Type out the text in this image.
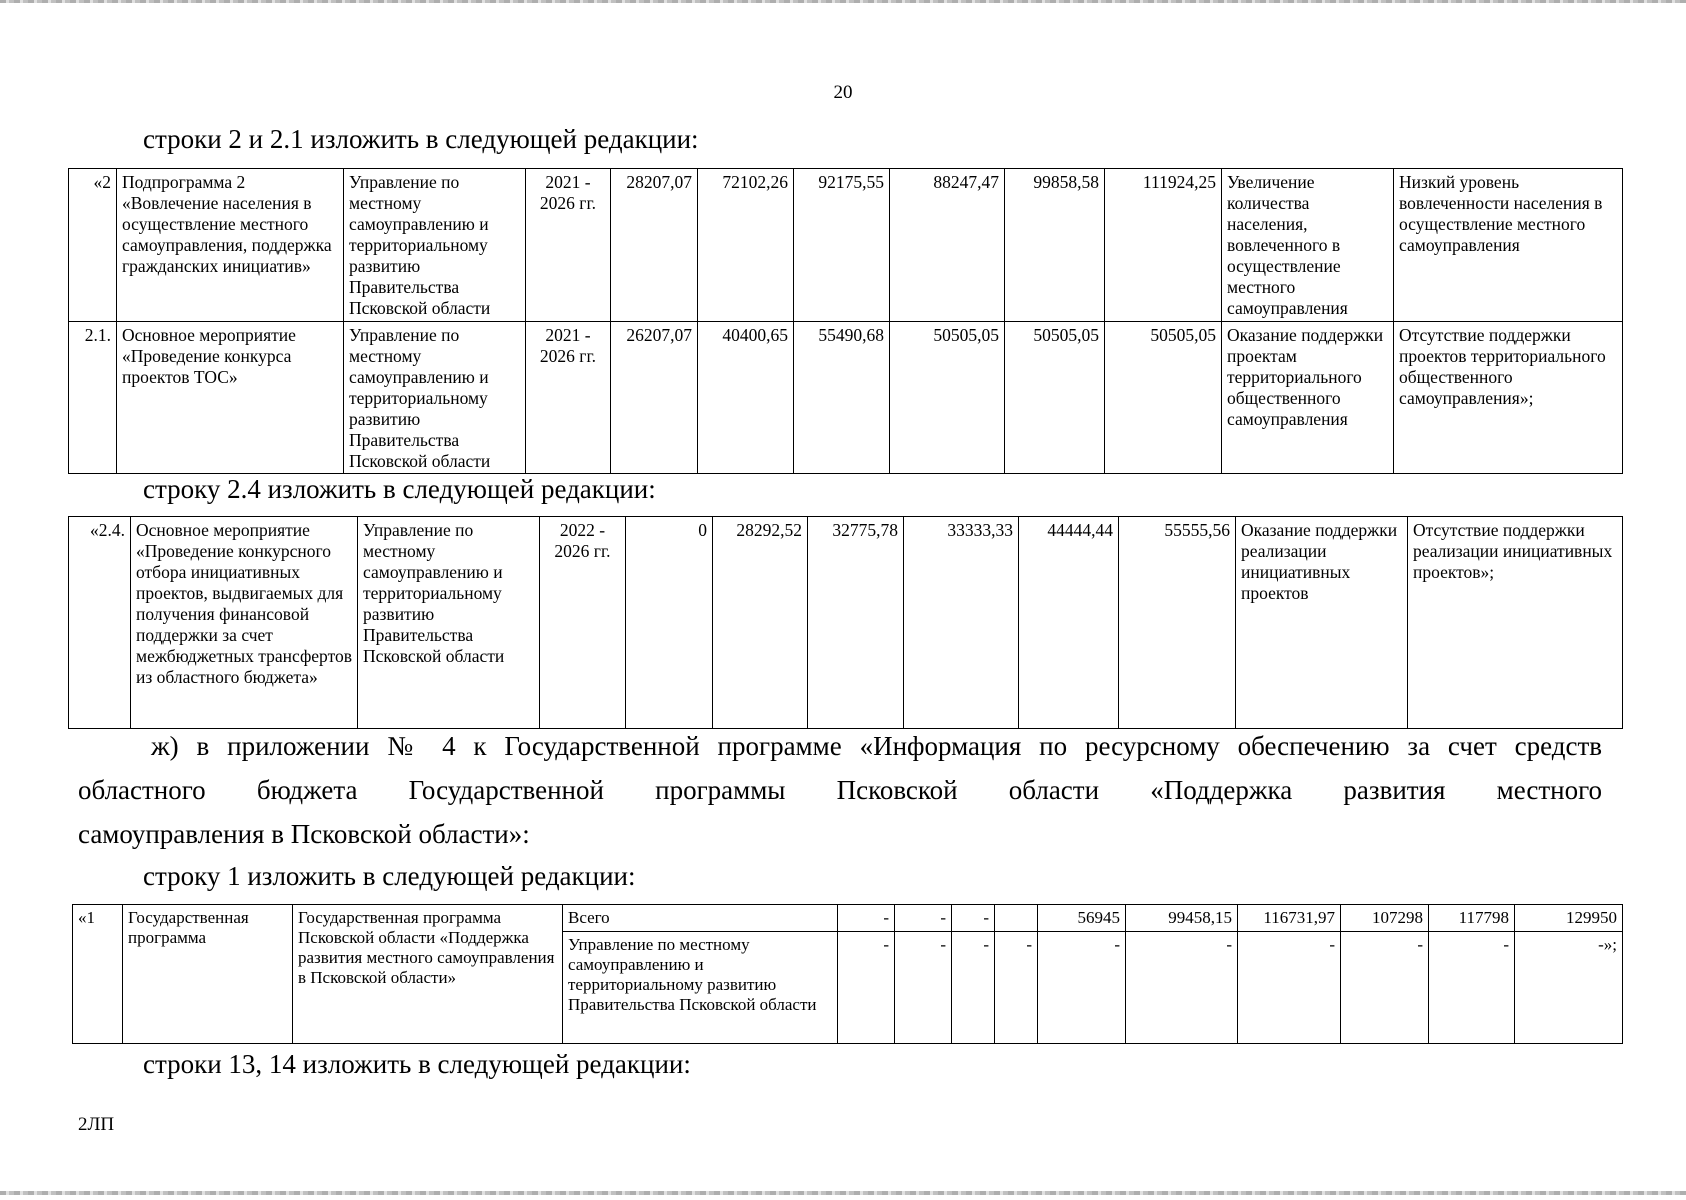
20
строки 2 и 2.1 изложить в следующей редакции:
«2	Подпрограмма 2 «Вовлечение населения в осуществление местного самоуправления, поддержка гражданских инициатив»	Управление по местному самоуправлению и территориальному развитию Правительства Псковской области	2021 - 2026 гг.	28207,07	72102,26	92175,55	88247,47	99858,58	111924,25	Увеличение количества населения, вовлеченного в осуществление местного самоуправления	Низкий уровень вовлеченности населения в осуществление местного самоуправления
2.1.	Основное мероприятие «Проведение конкурса проектов ТОС»	Управление по местному самоуправлению и территориальному развитию Правительства Псковской области	2021 - 2026 гг.	26207,07	40400,65	55490,68	50505,05	50505,05	50505,05	Оказание поддержки проектам территориального общественного самоуправления	Отсутствие поддержки проектов территориального общественного самоуправления»;
строку 2.4 изложить в следующей редакции:
«2.4.	Основное мероприятие «Проведение конкурсного отбора инициативных проектов, выдвигаемых для получения финансовой поддержки за счет межбюджетных трансфертов из областного бюджета»	Управление по местному самоуправлению и территориальному развитию Правительства Псковской области	2022 - 2026 гг.	0	28292,52	32775,78	33333,33	44444,44	55555,56	Оказание поддержки реализации инициативных проектов	Отсутствие поддержки реализации инициативных проектов»;
ж) в приложении № 4 к Государственной программе «Информация по ресурсному обеспечению за счет средств
областного бюджета Государственной программы Псковской области «Поддержка развития местного
самоуправления в Псковской области»:
строку 1 изложить в следующей редакции:
«1	Государственная программа	Государственная программа Псковской области «Поддержка развития местного самоуправления в Псковской области»	Всего	-	-	-		56945	99458,15	116731,97	107298	117798	129950
			Управление по местному самоуправлению и территориальному развитию Правительства Псковской области	-	-	-	-	-	-	-	-	-	-»;
строки 13, 14 изложить в следующей редакции:
2ЛП
